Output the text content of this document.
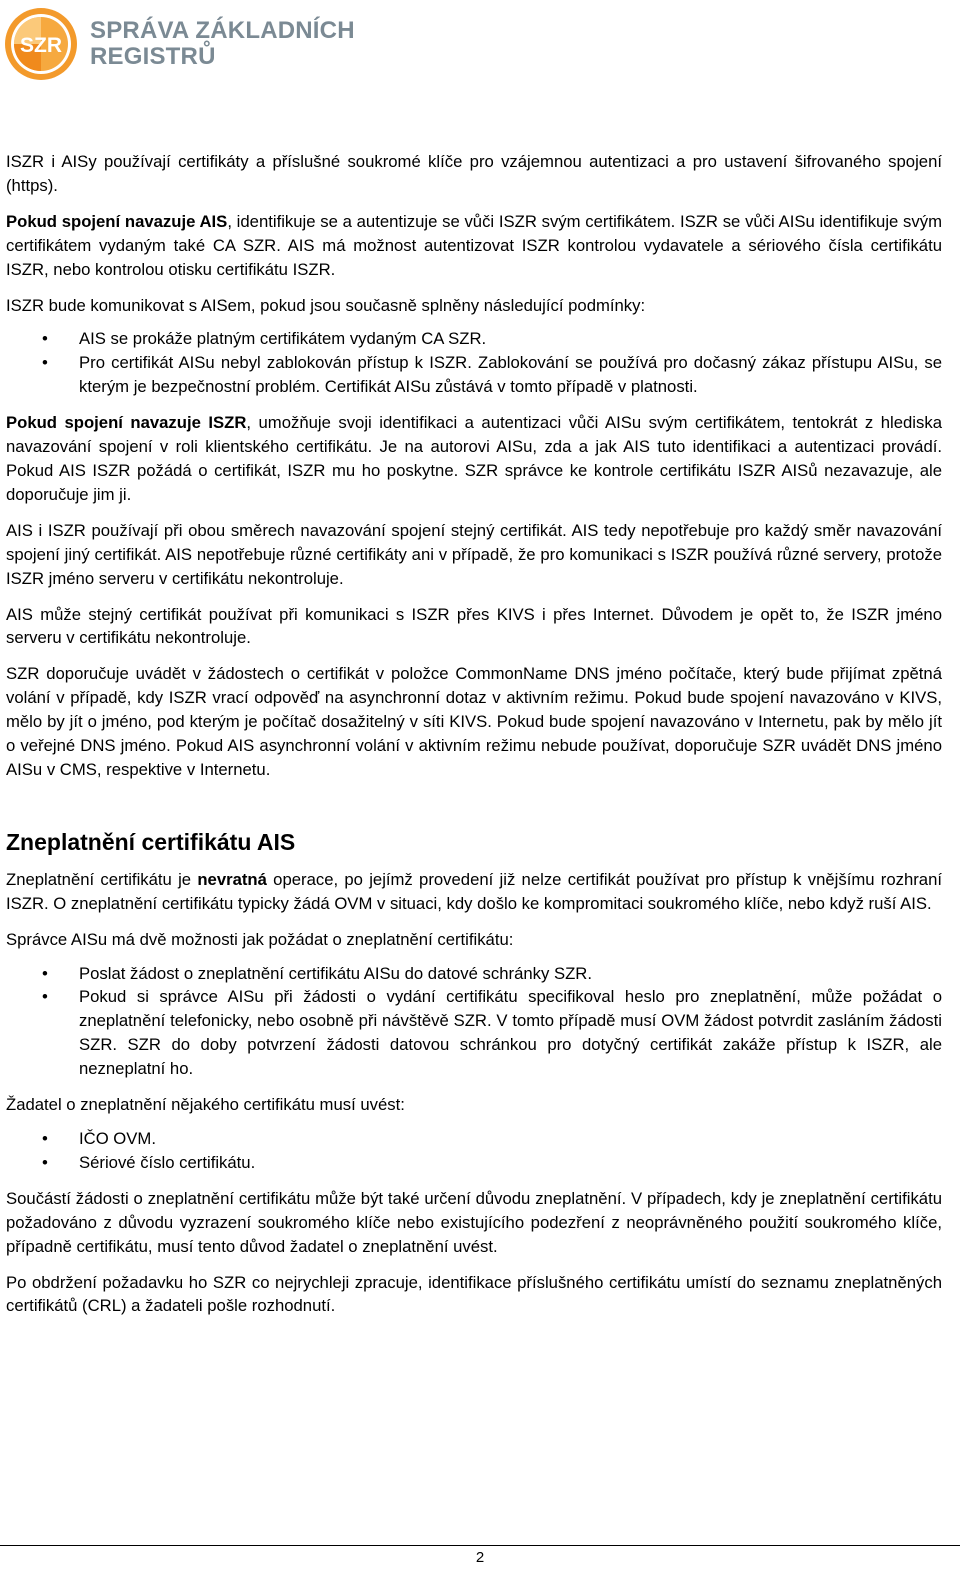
SZR
SPRÁVA ZÁKLADNÍCH
REGISTRŮ

ISZR i AISy používají certifikáty a příslušné soukromé klíče pro vzájemnou autentizaci a pro ustavení šifrovaného spojení (https).

Pokud spojení navazuje AIS, identifikuje se a autentizuje se vůči ISZR svým certifikátem. ISZR se vůči AISu identifikuje svým certifikátem vydaným také CA SZR. AIS má možnost autentizovat ISZR kontrolou vydavatele a sériového čísla certifikátu ISZR, nebo kontrolou otisku certifikátu ISZR.

ISZR bude komunikovat s AISem, pokud jsou současně splněny následující podmínky:

• AIS se prokáže platným certifikátem vydaným CA SZR.
• Pro certifikát AISu nebyl zablokován přístup k ISZR. Zablokování se používá pro dočasný zákaz přístupu AISu, se kterým je bezpečnostní problém. Certifikát AISu zůstává v tomto případě v platnosti.

Pokud spojení navazuje ISZR, umožňuje svoji identifikaci a autentizaci vůči AISu svým certifikátem, tentokrát z hlediska navazování spojení v roli klientského certifikátu. Je na autorovi AISu, zda a jak AIS tuto identifikaci a autentizaci provádí. Pokud AIS ISZR požádá o certifikát, ISZR mu ho poskytne. SZR správce ke kontrole certifikátu ISZR AISů nezavazuje, ale doporučuje jim ji.

AIS i ISZR používají při obou směrech navazování spojení stejný certifikát. AIS tedy nepotřebuje pro každý směr navazování spojení jiný certifikát. AIS nepotřebuje různé certifikáty ani v případě, že pro komunikaci s ISZR používá různé servery, protože ISZR jméno serveru v certifikátu nekontroluje.

AIS může stejný certifikát používat při komunikaci s ISZR přes KIVS i přes Internet. Důvodem je opět to, že ISZR jméno serveru v certifikátu nekontroluje.

SZR doporučuje uvádět v žádostech o certifikát v položce CommonName DNS jméno počítače, který bude přijímat zpětná volání v případě, kdy ISZR vrací odpověď na asynchronní dotaz v aktivním režimu. Pokud bude spojení navazováno v KIVS, mělo by jít o jméno, pod kterým je počítač dosažitelný v síti KIVS. Pokud bude spojení navazováno v Internetu, pak by mělo jít o veřejné DNS jméno. Pokud AIS asynchronní volání v aktivním režimu nebude používat, doporučuje SZR uvádět DNS jméno AISu v CMS, respektive v Internetu.

Zneplatnění certifikátu AIS

Zneplatnění certifikátu je nevratná operace, po jejímž provedení již nelze certifikát používat pro přístup k vnějšímu rozhraní ISZR. O zneplatnění certifikátu typicky žádá OVM v situaci, kdy došlo ke kompromitaci soukromého klíče, nebo když ruší AIS.

Správce AISu má dvě možnosti jak požádat o zneplatnění certifikátu:

• Poslat žádost o zneplatnění certifikátu AISu do datové schránky SZR.
• Pokud si správce AISu při žádosti o vydání certifikátu specifikoval heslo pro zneplatnění, může požádat o zneplatnění telefonicky, nebo osobně při návštěvě SZR. V tomto případě musí OVM žádost potvrdit zasláním žádosti SZR. SZR do doby potvrzení žádosti datovou schránkou pro dotyčný certifikát zakáže přístup k ISZR, ale nezneplatní ho.

Žadatel o zneplatnění nějakého certifikátu musí uvést:

• IČO OVM.
• Sériové číslo certifikátu.

Součástí žádosti o zneplatnění certifikátu může být také určení důvodu zneplatnění. V případech, kdy je zneplatnění certifikátu požadováno z důvodu vyzrazení soukromého klíče nebo existujícího podezření z neoprávněného použití soukromého klíče, případně certifikátu, musí tento důvod žadatel o zneplatnění uvést.

Po obdržení požadavku ho SZR co nejrychleji zpracuje, identifikace příslušného certifikátu umístí do seznamu zneplatněných certifikátů (CRL) a žadateli pošle rozhodnutí.

2
